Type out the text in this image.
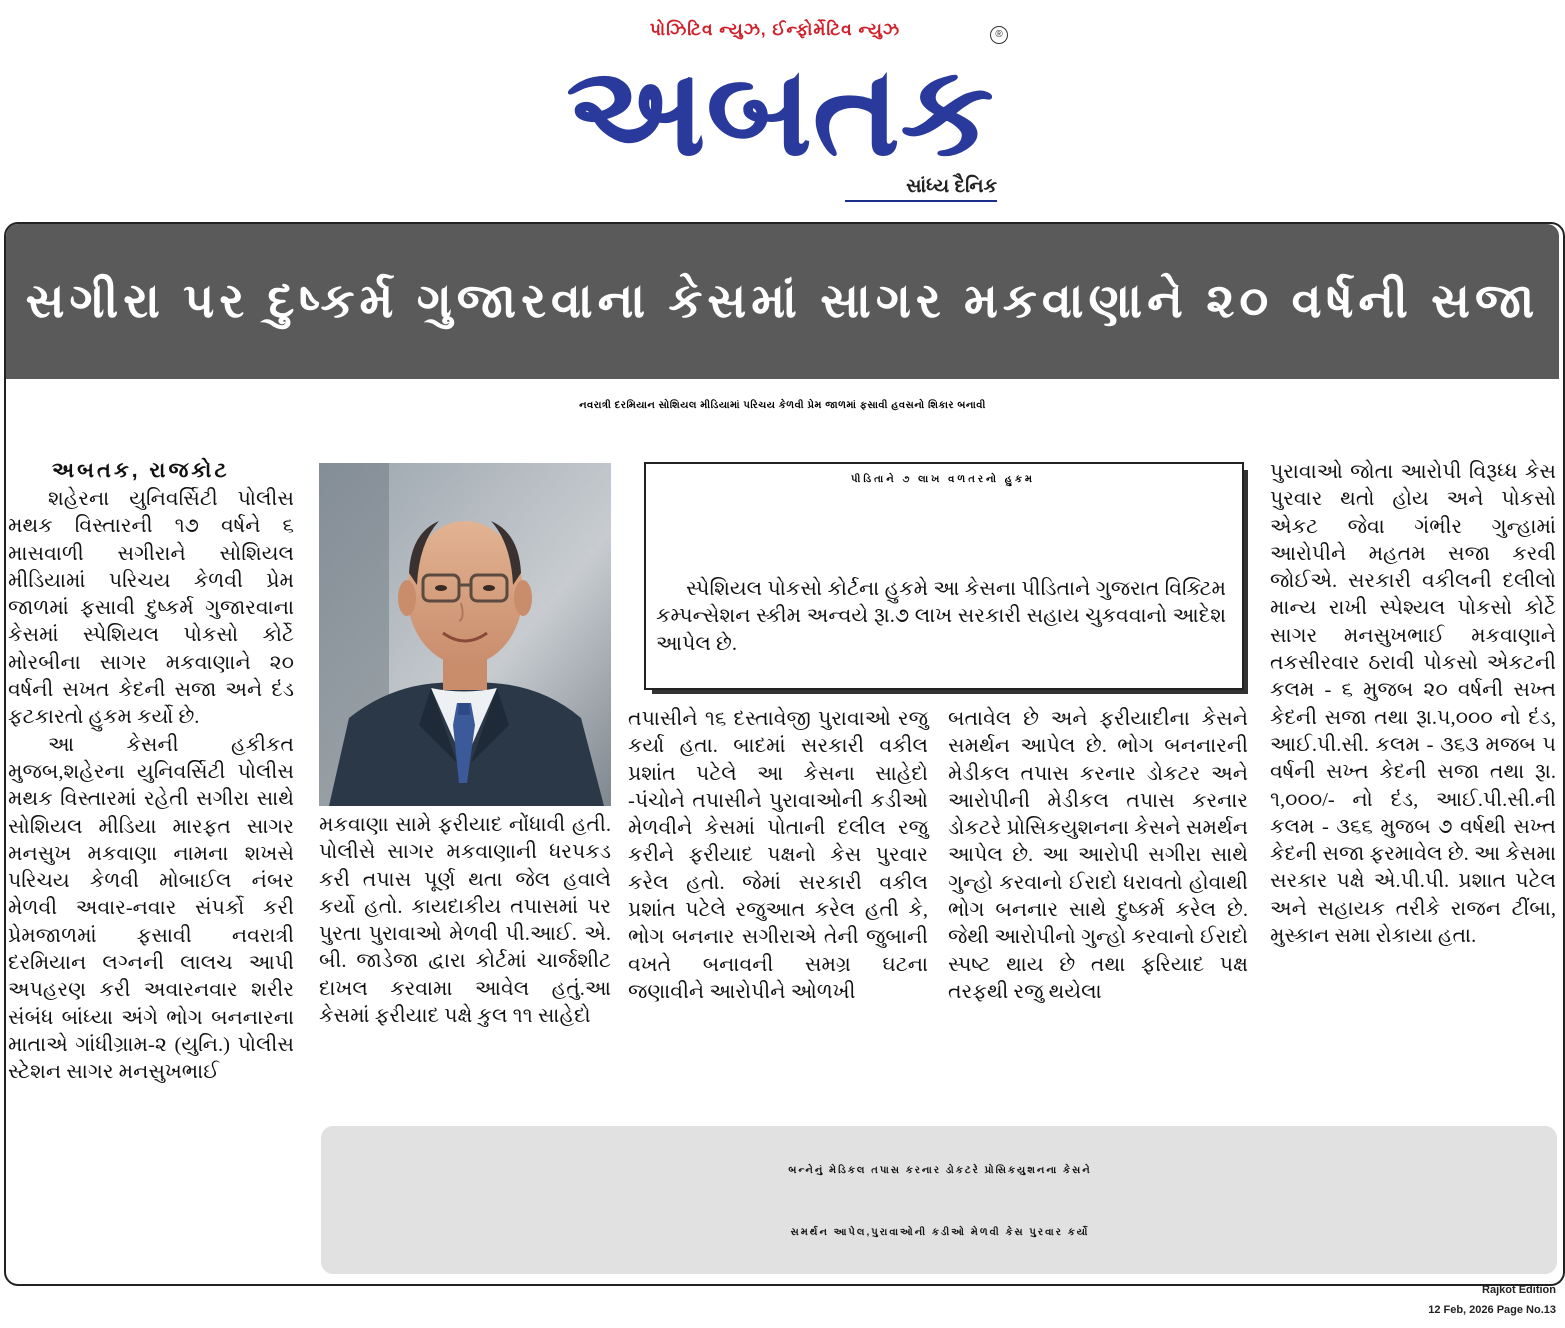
પોઝિટિવ ન્યુઝ, ઈન્ફોર્મેટિવ ન્યુઝ
અબતક
®
સાંધ્ય દૈનિક
સગીરા પર દુષ્કર્મ ગુજારવાના કેસમાં સાગર મકવાણાને ૨૦ વર્ષની સજા
નવરાત્રી દરમિયાન સોશિયલ મીડિયામાં પરિચય કેળવી પ્રેમ જાળમાં ફસાવી હવસનો શિકાર બનાવી
અબતક, રાજકોટ

શહેરના યુનિવર્સિટી પોલીસ મથક વિસ્તારની ૧૭ વર્ષને ૬ માસવાળી સગીરાને સોશિયલ મીડિયામાં પરિચય કેળવી પ્રેમ જાળમાં ફસાવી દુષ્કર્મ ગુજારવાના કેસમાં સ્પેશિયલ પોકસો કોર્ટે મોરબીના સાગર મકવાણાને ૨૦ વર્ષની સખત કેદની સજા અને દંડ ફટકારતો હુકમ કર્યો છે.

આ કેસની હકીકત મુજબ,શહેરના યુનિવર્સિટી પોલીસ મથક વિસ્તારમાં રહેતી સગીરા સાથે સોશિયલ મીડિયા મારફત સાગર મનસુખ મકવાણા નામના શખસે પરિચય કેળવી મોબાઈલ નંબર મેળવી અવાર-નવાર સંપર્કો કરી પ્રેમજાળમાં ફસાવી નવરાત્રી દરમિયાન લગ્નની લાલચ આપી અપહરણ કરી અવારનવાર શરીર સંબંધ બાંધ્યા અંગે ભોગ બનનારના માતાએ ગાંધીગ્રામ-૨ (યુનિ.) પોલીસ સ્ટેશન સાગર મનસુખભાઈ

મકવાણા સામે ફરીયાદ નોંધાવી હતી. પોલીસે સાગર મકવાણાની ધરપકડ કરી તપાસ પૂર્ણ થતા જેલ હવાલે કર્યો હતો. કાયદાકીય તપાસમાં પર પુરતા પુરાવાઓ મેળવી પી.આઈ. એ. બી. જાડેજા દ્વારા કોર્ટમાં ચાર્જશીટ દાખલ કરવામા આવેલ હતું.આ કેસમાં ફરીયાદ પક્ષે કુલ ૧૧ સાહેદો
પીડિતાને ૭ લાખ વળતરનો હુકમ
સ્પેશિયલ પોકસો કોર્ટના હુકમે આ કેસના પીડિતાને ગુજરાત વિક્ટિમ કમ્પન્સેશન સ્કીમ અન્વયે રૂા.૭ લાખ સરકારી સહાય ચુકવવાનો આદેશ આપેલ છે.
તપાસીને ૧૬ દસ્તાવેજી પુરાવાઓ રજુ કર્યા હતા. બાદમાં સરકારી વકીલ પ્રશાંત પટેલે આ કેસના સાહેદો -પંચોને તપાસીને પુરાવાઓની કડીઓ મેળવીને કેસમાં પોતાની દલીલ રજુ કરીને ફરીયાદ પક્ષનો કેસ પુરવાર કરેલ હતો. જેમાં સરકારી વકીલ પ્રશાંત પટેલે રજુઆત કરેલ હતી કે, ભોગ બનનાર સગીરાએ તેની જુબાની વખતે બનાવની સમગ્ર ઘટના જણાવીને આરોપીને ઓળખી
બતાવેલ છે અને ફરીયાદીના કેસને સમર્થન આપેલ છે. ભોગ બનનારની મેડીકલ તપાસ કરનાર ડોકટર અને આરોપીની મેડીકલ તપાસ કરનાર ડોકટરે પ્રોસિકયુશનના કેસને સમર્થન આપેલ છે. આ આરોપી સગીરા સાથે ગુન્હો કરવાનો ઈરાદો ધરાવતો હોવાથી ભોગ બનનાર સાથે દુષ્કર્મ કરેલ છે. જેથી આરોપીનો ગુન્હો કરવાનો ઈરાદો સ્પષ્ટ થાય છે તથા ફરિયાદ પક્ષ તરફથી રજુ થયેલા
પુરાવાઓ જોતા આરોપી વિરૂધ્ધ કેસ પુરવાર થતો હોય અને પોકસો એકટ જેવા ગંભીર ગુન્હામાં આરોપીને મહતમ સજા કરવી જોઈએ. સરકારી વકીલની દલીલો માન્ય રાખી સ્પેશ્યલ પોકસો કોર્ટે સાગર મનસુખભાઈ મકવાણાને તકસીરવાર ઠરાવી પોકસો એકટની કલમ - ૬ મુજબ ૨૦ વર્ષની સખ્ત કેદની સજા તથા રૂા.૫,૦૦૦ નો દંડ, આઈ.પી.સી. કલમ - ૩૬૩ મજબ ૫ વર્ષની સખ્ત કેદની સજા તથા રૂા. ૧,૦૦૦/- નો દંડ, આઈ.પી.સી.ની કલમ - ૩૬૬ મુજબ ૭ વર્ષથી સખ્ત કેદની સજા ફરમાવેલ છે. આ કેસમા સરકાર પક્ષે એ.પી.પી. પ્રશાત પટેલ અને સહાયક તરીકે રાજન ટીંબા, મુસ્કાન સમા રોકાયા હતા.
બન્નેનું મેડિકલ તપાસ કરનાર ડોકટરે પ્રોસિકયુશનના કેસને
સમર્થન આપેલ,પુરાવાઓની કડીઓ મેળવી કેસ પુરવાર કર્યો
Rajkot Edition
12 Feb, 2026 Page No.13
